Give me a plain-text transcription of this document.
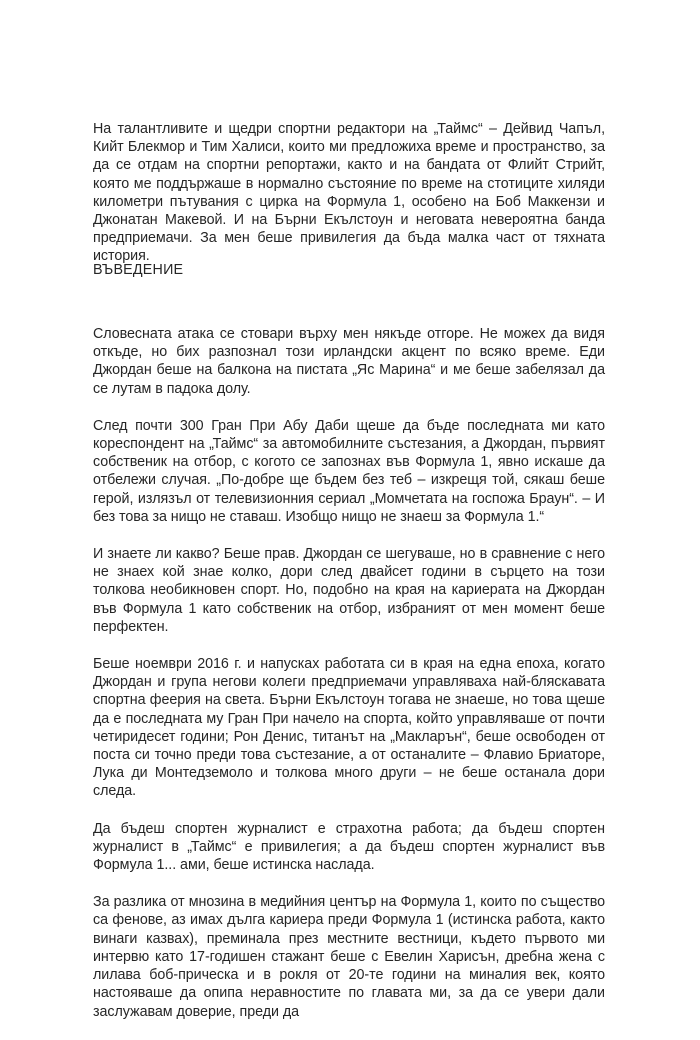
На талантливите и щедри спортни редактори на „Таймс“ – Дейвид Чапъл, Кийт Блекмор и Тим Халиси, които ми предложиха време и пространство, за да се отдам на спортни репортажи, както и на бандата от Флийт Стрийт, която ме поддържаше в нормално състояние по време на стотиците хиляди километри пътувания с цирка на Формула 1, особено на Боб Маккензи и Джонатан Макевой. И на Бърни Екълстоун и неговата невероятна банда предприемачи. За мен беше привилегия да бъда малка част от тяхната история.

ВЪВЕДЕНИЕ

Словесната атака се стовари върху мен някъде отгоре. Не можех да видя откъде, но бих разпознал този ирландски акцент по всяко време. Еди Джордан беше на балкона на пистата „Яс Марина“ и ме беше забелязал да се лутам в падока долу.

След почти 300 Гран При Абу Даби щеше да бъде последната ми като кореспондент на „Таймс“ за автомобилните състезания, а Джордан, първият собственик на отбор, с когото се запознах във Формула 1, явно искаше да отбележи случая. „По-добре ще бъдем без теб – изкрещя той, сякаш беше герой, излязъл от телевизионния сериал „Момчетата на госпожа Браун“. – И без това за нищо не ставаш. Изобщо нищо не знаеш за Формула 1.“

И знаете ли какво? Беше прав. Джордан се шегуваше, но в сравнение с него не знаех кой знае колко, дори след двайсет години в сърцето на този толкова необикновен спорт. Но, подобно на края на кариерата на Джордан във Формула 1 като собственик на отбор, избраният от мен момент беше перфектен.

Беше ноември 2016 г. и напусках работата си в края на една епоха, когато Джордан и група негови колеги предприемачи управляваха най-бляскавата спортна феерия на света. Бърни Екълстоун тогава не знаеше, но това щеше да е последната му Гран При начело на спорта, който управляваше от почти четиридесет години; Рон Денис, титанът на „Макларън“, беше освободен от поста си точно преди това състезание, а от останалите – Флавио Бриаторе, Лука ди Монтедземоло и толкова много други – не беше останала дори следа.

Да бъдеш спортен журналист е страхотна работа; да бъдеш спортен журналист в „Таймс“ е привилегия; а да бъдеш спортен журналист във Формула 1... ами, беше истинска наслада.

За разлика от мнозина в медийния център на Формула 1, които по същество са фенове, аз имах дълга кариера преди Формула 1 (истинска работа, както винаги казвах), преминала през местните вестници, където първото ми интервю като 17-годишен стажант беше с Евелин Харисън, дребна жена с лилава боб-прическа и в рокля от 20-те години на миналия век, която настояваше да опипа неравностите по главата ми, за да се увери дали заслужавам доверие, преди да
